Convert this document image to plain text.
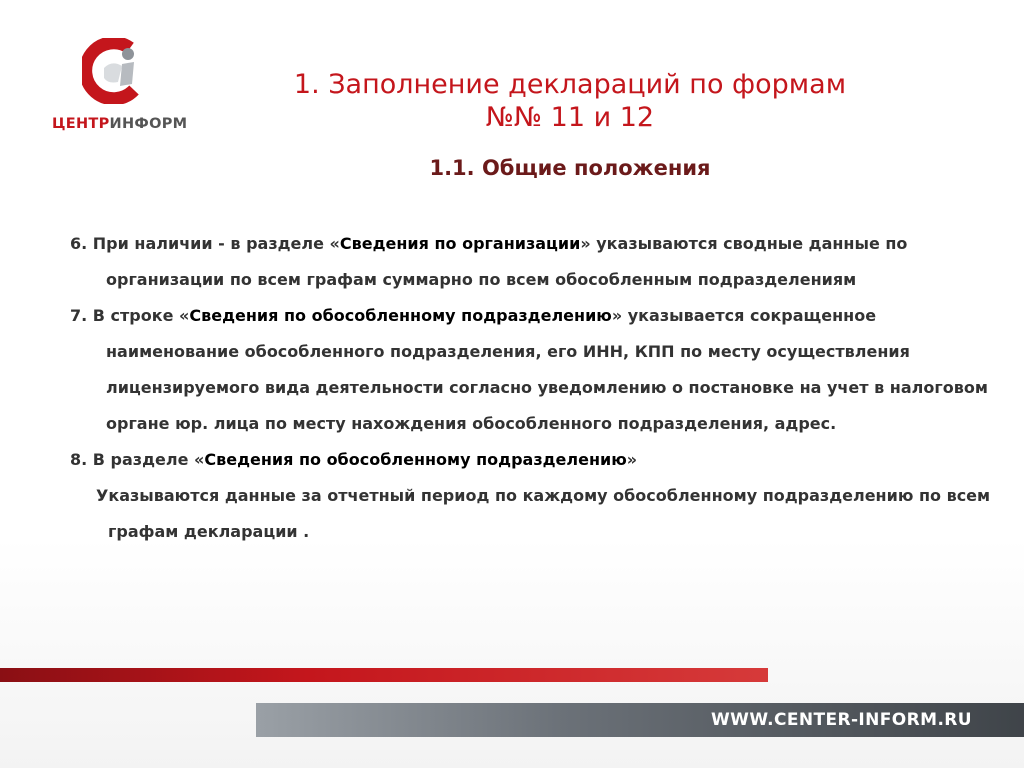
ЦЕНТРИНФОРМ
1. Заполнение деклараций по формам
№№ 11 и 12
1.1. Общие положения

6. При наличии - в разделе «Сведения по организации» указываются сводные данные по организации по всем графам суммарно по всем обособленным подразделениям

7. В строке «Сведения по обособленному подразделению» указывается сокращенное наименование обособленного подразделения, его ИНН, КПП по месту осуществления лицензируемого вида деятельности согласно уведомлению о постановке на учет в налоговом органе юр. лица по месту нахождения обособленного подразделения, адрес.

8. В разделе «Сведения по обособленному подразделению»

Указываются данные за отчетный период по каждому обособленному подразделению по всем графам декларации .

WWW.CENTER-INFORM.RU
